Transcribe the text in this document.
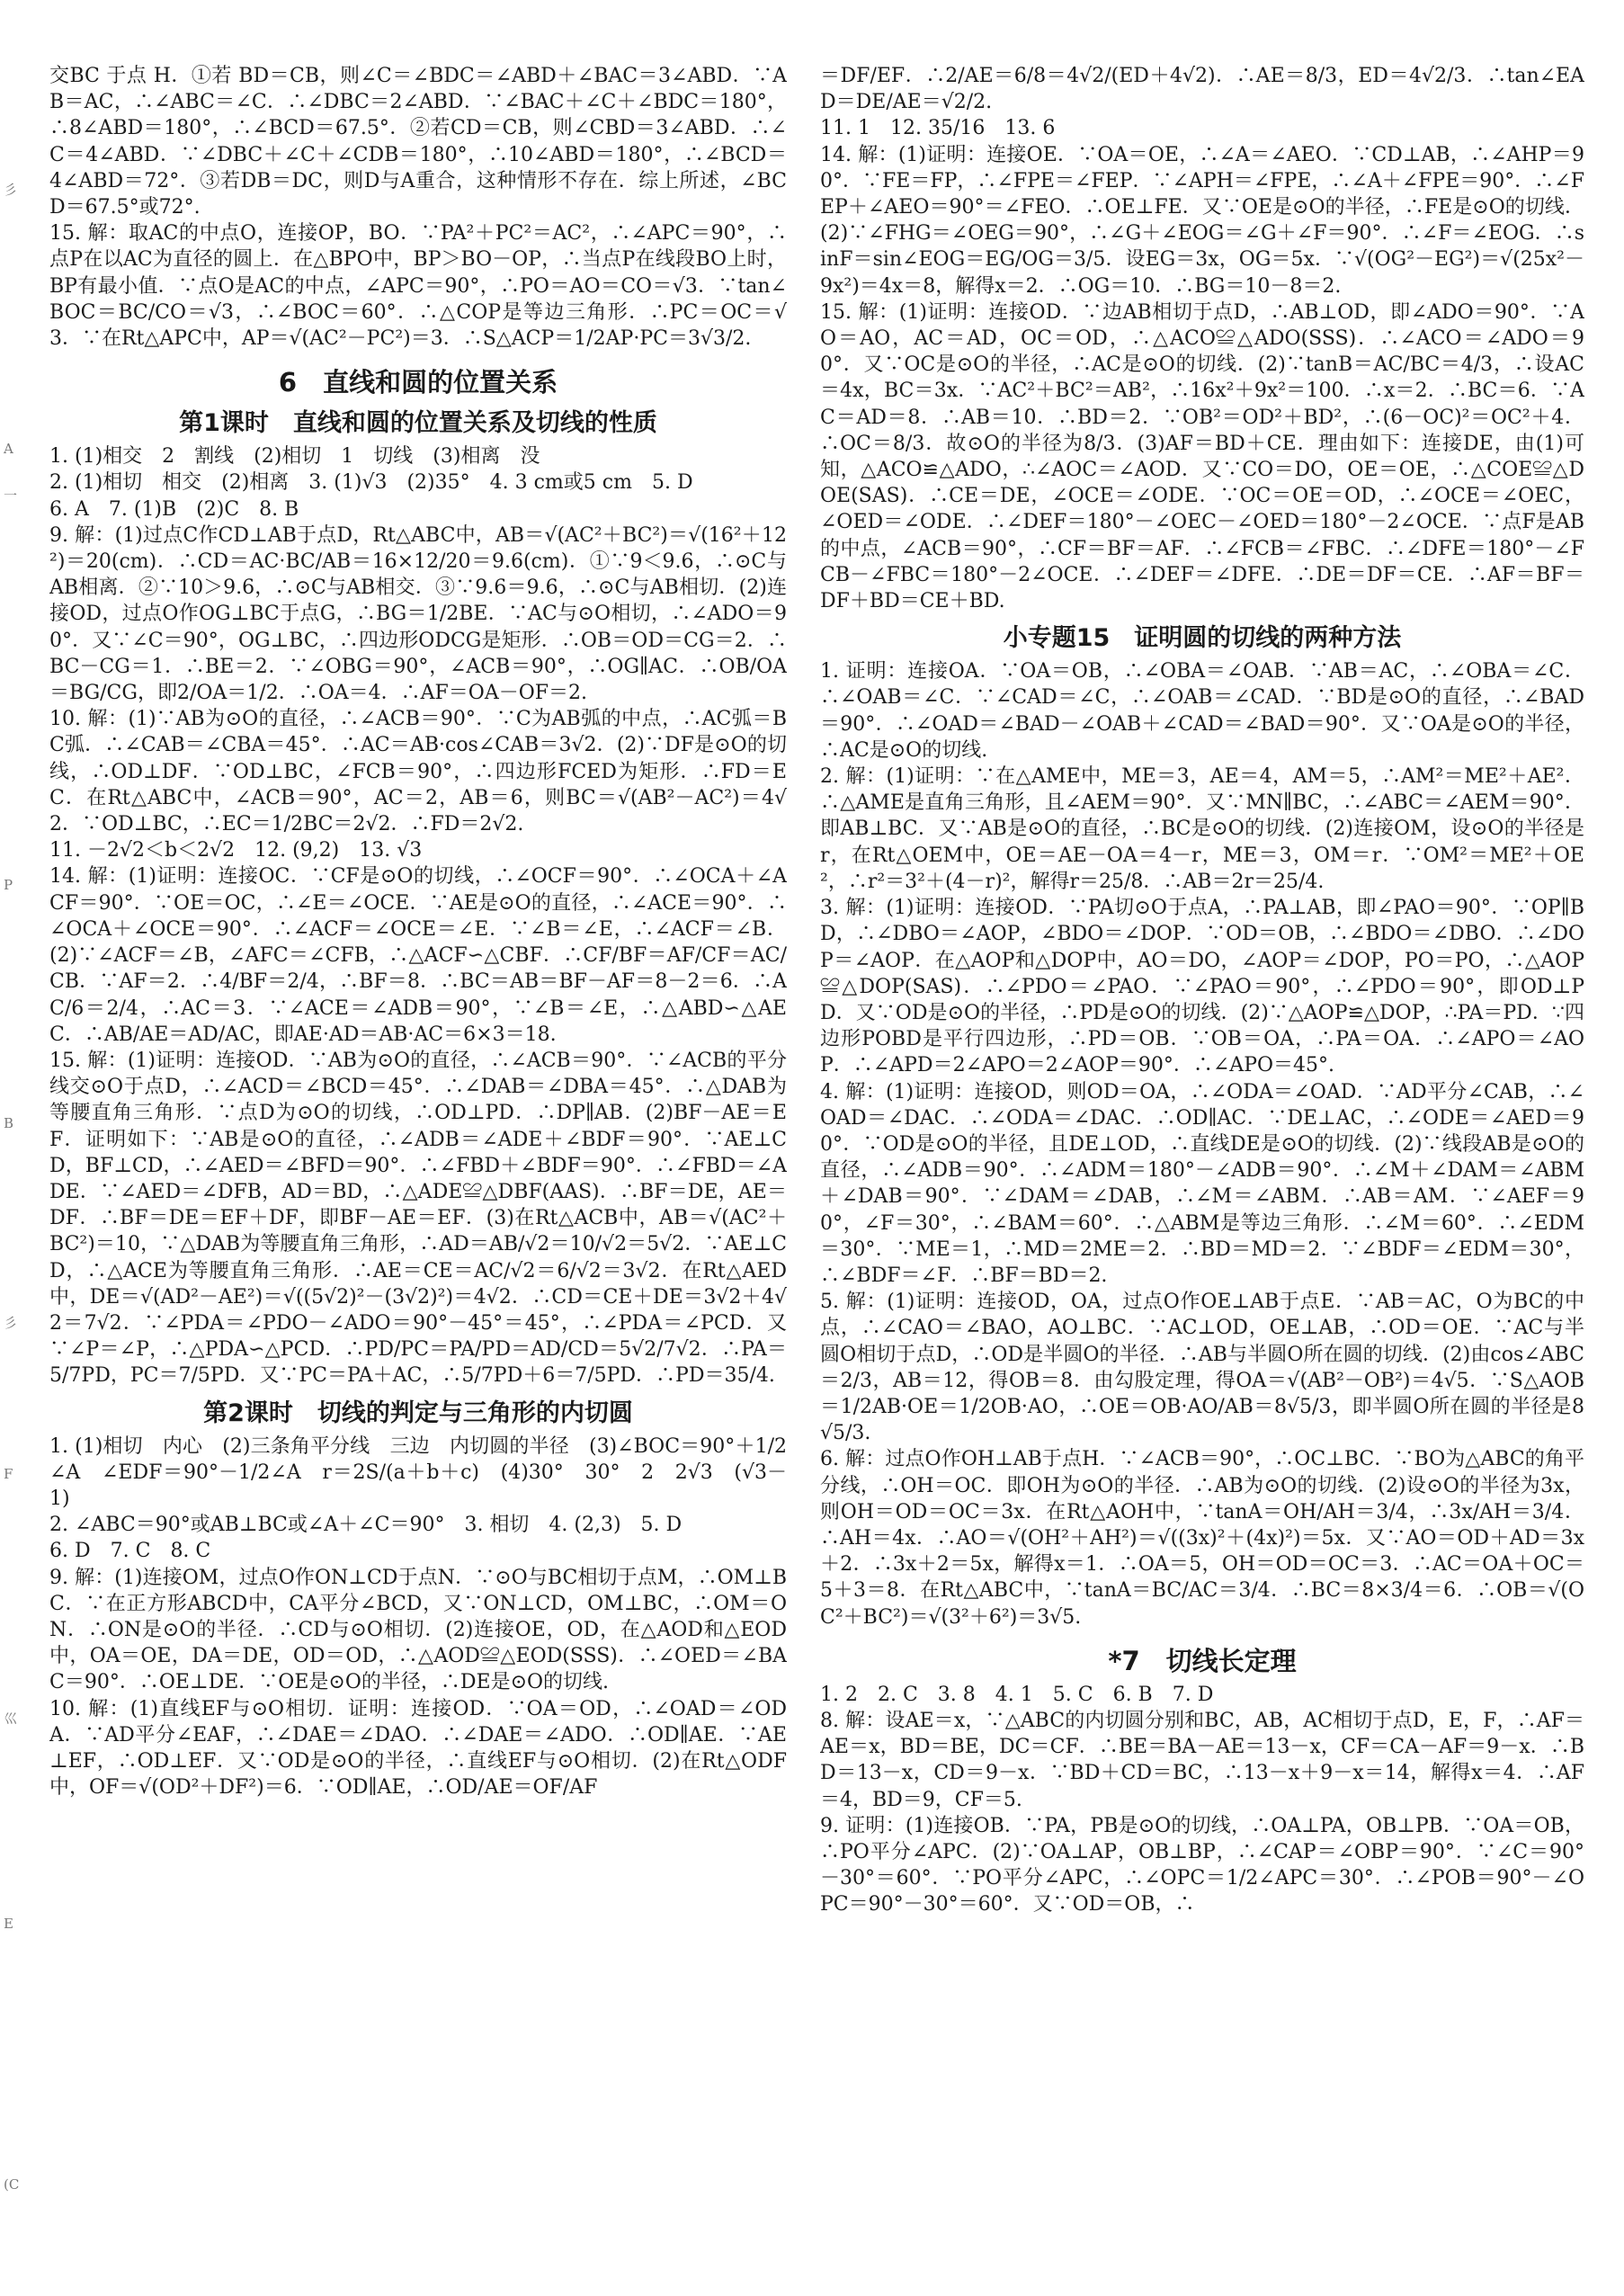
彡
P
A
一
B
彡
F
巛
E
(C

交BC 于点 H．①若 BD＝CB，则∠C＝∠BDC＝∠ABD＋∠BAC＝3∠ABD．∵AB＝AC，∴∠ABC＝∠C．∴∠DBC＝2∠ABD．∵∠BAC＋∠C＋∠BDC＝180°，∴8∠ABD＝180°，∴∠BCD＝67.5°．②若CD＝CB，则∠CBD＝3∠ABD．∴∠C＝4∠ABD．∵∠DBC＋∠C＋∠CDB＝180°，∴10∠ABD＝180°，∴∠BCD＝4∠ABD＝72°．③若DB＝DC，则D与A重合，这种情形不存在．综上所述，∠BCD＝67.5°或72°.

15. 解：取AC的中点O，连接OP，BO．∵PA²＋PC²＝AC²，∴∠APC＝90°，∴点P在以AC为直径的圆上．在△BPO中，BP＞BO－OP，∴当点P在线段BO上时，BP有最小值．∵点O是AC的中点，∠APC＝90°，∴PO＝AO＝CO＝√3．∵tan∠BOC＝BC/CO＝√3，∴∠BOC＝60°．∴△COP是等边三角形．∴PC＝OC＝√3．∵在Rt△APC中，AP＝√(AC²－PC²)＝3．∴S△ACP＝1/2AP·PC＝3√3/2.

6　直线和圆的位置关系
第1课时　直线和圆的位置关系及切线的性质

1. (1)相交　2　割线　(2)相切　1　切线　(3)相离　没

2. (1)相切　相交　(2)相离　3. (1)√3　(2)35°　4. 3 cm或5 cm　5. D

6. A　7. (1)B　(2)C　8. B

9. 解：(1)过点C作CD⊥AB于点D，Rt△ABC中，AB＝√(AC²＋BC²)＝√(16²＋12²)＝20(cm)．∴CD＝AC·BC/AB＝16×12/20＝9.6(cm)．①∵9＜9.6，∴⊙C与AB相离．②∵10＞9.6，∴⊙C与AB相交．③∵9.6＝9.6，∴⊙C与AB相切．(2)连接OD，过点O作OG⊥BC于点G，∴BG＝1/2BE．∵AC与⊙O相切，∴∠ADO＝90°．又∵∠C＝90°，OG⊥BC，∴四边形ODCG是矩形．∴OB＝OD＝CG＝2．∴BC－CG＝1．∴BE＝2．∵∠OBG＝90°，∠ACB＝90°，∴OG∥AC．∴OB/OA＝BG/CG，即2/OA＝1/2．∴OA＝4．∴AF＝OA－OF＝2.

10. 解：(1)∵AB为⊙O的直径，∴∠ACB＝90°．∵C为AB弧的中点，∴AC弧＝BC弧．∴∠CAB＝∠CBA＝45°．∴AC＝AB·cos∠CAB＝3√2．(2)∵DF是⊙O的切线，∴OD⊥DF．∵OD⊥BC，∠FCB＝90°，∴四边形FCED为矩形．∴FD＝EC．在Rt△ABC中，∠ACB＝90°，AC＝2，AB＝6，则BC＝√(AB²－AC²)＝4√2．∵OD⊥BC，∴EC＝1/2BC＝2√2．∴FD＝2√2.

11. －2√2＜b＜2√2　12. (9,2)　13. √3

14. 解：(1)证明：连接OC．∵CF是⊙O的切线，∴∠OCF＝90°．∴∠OCA＋∠ACF＝90°．∵OE＝OC，∴∠E＝∠OCE．∵AE是⊙O的直径，∴∠ACE＝90°．∴∠OCA＋∠OCE＝90°．∴∠ACF＝∠OCE＝∠E．∵∠B＝∠E，∴∠ACF＝∠B．(2)∵∠ACF＝∠B，∠AFC＝∠CFB，∴△ACF∽△CBF．∴CF/BF＝AF/CF＝AC/CB．∵AF＝2．∴4/BF＝2/4，∴BF＝8．∴BC＝AB＝BF－AF＝8－2＝6．∴AC/6＝2/4，∴AC＝3．∵∠ACE＝∠ADB＝90°，∵∠B＝∠E，∴△ABD∽△AEC．∴AB/AE＝AD/AC，即AE·AD＝AB·AC＝6×3＝18.

15. 解：(1)证明：连接OD．∵AB为⊙O的直径，∴∠ACB＝90°．∵∠ACB的平分线交⊙O于点D，∴∠ACD＝∠BCD＝45°．∴∠DAB＝∠DBA＝45°．∴△DAB为等腰直角三角形．∵点D为⊙O的切线，∴OD⊥PD．∴DP∥AB．(2)BF－AE＝EF．证明如下：∵AB是⊙O的直径，∴∠ADB＝∠ADE＋∠BDF＝90°．∵AE⊥CD，BF⊥CD，∴∠AED＝∠BFD＝90°．∴∠FBD＋∠BDF＝90°．∴∠FBD＝∠ADE．∵∠AED＝∠DFB，AD＝BD，∴△ADE≌△DBF(AAS)．∴BF＝DE，AE＝DF．∴BF＝DE＝EF＋DF，即BF－AE＝EF．(3)在Rt△ACB中，AB＝√(AC²＋BC²)＝10，∵△DAB为等腰直角三角形，∴AD＝AB/√2＝10/√2＝5√2．∵AE⊥CD，∴△ACE为等腰直角三角形．∴AE＝CE＝AC/√2＝6/√2＝3√2．在Rt△AED中，DE＝√(AD²－AE²)＝√((5√2)²－(3√2)²)＝4√2．∴CD＝CE＋DE＝3√2＋4√2＝7√2．∵∠PDA＝∠PDO－∠ADO＝90°－45°＝45°，∴∠PDA＝∠PCD．又∵∠P＝∠P，∴△PDA∽△PCD．∴PD/PC＝PA/PD＝AD/CD＝5√2/7√2．∴PA＝5/7PD，PC＝7/5PD．又∵PC＝PA＋AC，∴5/7PD＋6＝7/5PD．∴PD＝35/4.

第2课时　切线的判定与三角形的内切圆

1. (1)相切　内心　(2)三条角平分线　三边　内切圆的半径　(3)∠BOC＝90°＋1/2∠A　∠EDF＝90°－1/2∠A　r＝2S/(a＋b＋c)　(4)30°　30°　2　2√3　(√3－1)

2. ∠ABC＝90°或AB⊥BC或∠A＋∠C＝90°　3. 相切　4. (2,3)　5. D

6. D　7. C　8. C

9. 解：(1)连接OM，过点O作ON⊥CD于点N．∵⊙O与BC相切于点M，∴OM⊥BC．∵在正方形ABCD中，CA平分∠BCD，又∵ON⊥CD，OM⊥BC，∴OM＝ON．∴ON是⊙O的半径．∴CD与⊙O相切．(2)连接OE，OD，在△AOD和△EOD中，OA＝OE，DA＝DE，OD＝OD，∴△AOD≌△EOD(SSS)．∴∠OED＝∠BAC＝90°．∴OE⊥DE．∵OE是⊙O的半径，∴DE是⊙O的切线.

10. 解：(1)直线EF与⊙O相切．证明：连接OD．∵OA＝OD，∴∠OAD＝∠ODA．∵AD平分∠EAF，∴∠DAE＝∠DAO．∴∠DAE＝∠ADO．∴OD∥AE．∵AE⊥EF，∴OD⊥EF．又∵OD是⊙O的半径，∴直线EF与⊙O相切．(2)在Rt△ODF中，OF＝√(OD²＋DF²)＝6．∵OD∥AE，∴OD/AE＝OF/AF

＝DF/EF．∴2/AE＝6/8＝4√2/(ED＋4√2)．∴AE＝8/3，ED＝4√2/3．∴tan∠EAD＝DE/AE＝√2/2.

11. 1　12. 35/16　13. 6

14. 解：(1)证明：连接OE．∵OA＝OE，∴∠A＝∠AEO．∵CD⊥AB，∴∠AHP＝90°．∵FE＝FP，∴∠FPE＝∠FEP．∵∠APH＝∠FPE，∴∠A＋∠FPE＝90°．∴∠FEP＋∠AEO＝90°＝∠FEO．∴OE⊥FE．又∵OE是⊙O的半径，∴FE是⊙O的切线．(2)∵∠FHG＝∠OEG＝90°，∴∠G＋∠EOG＝∠G＋∠F＝90°．∴∠F＝∠EOG．∴sinF＝sin∠EOG＝EG/OG＝3/5．设EG＝3x，OG＝5x．∵√(OG²－EG²)＝√(25x²－9x²)＝4x＝8，解得x＝2．∴OG＝10．∴BG＝10－8＝2.

15. 解：(1)证明：连接OD．∵边AB相切于点D，∴AB⊥OD，即∠ADO＝90°．∵AO＝AO，AC＝AD，OC＝OD，∴△ACO≌△ADO(SSS)．∴∠ACO＝∠ADO＝90°．又∵OC是⊙O的半径，∴AC是⊙O的切线．(2)∵tanB＝AC/BC＝4/3，∴设AC＝4x，BC＝3x．∵AC²＋BC²＝AB²，∴16x²＋9x²＝100．∴x＝2．∴BC＝6．∵AC＝AD＝8．∴AB＝10．∴BD＝2．∵OB²＝OD²＋BD²，∴(6－OC)²＝OC²＋4．∴OC＝8/3．故⊙O的半径为8/3．(3)AF＝BD＋CE．理由如下：连接DE，由(1)可知，△ACO≌△ADO，∴∠AOC＝∠AOD．又∵CO＝DO，OE＝OE，∴△COE≌△DOE(SAS)．∴CE＝DE，∠OCE＝∠ODE．∵OC＝OE＝OD，∴∠OCE＝∠OEC，∠OED＝∠ODE．∴∠DEF＝180°－∠OEC－∠OED＝180°－2∠OCE．∵点F是AB的中点，∠ACB＝90°，∴CF＝BF＝AF．∴∠FCB＝∠FBC．∴∠DFE＝180°－∠FCB－∠FBC＝180°－2∠OCE．∴∠DEF＝∠DFE．∴DE＝DF＝CE．∴AF＝BF＝DF＋BD＝CE＋BD.

小专题15　证明圆的切线的两种方法

1. 证明：连接OA．∵OA＝OB，∴∠OBA＝∠OAB．∵AB＝AC，∴∠OBA＝∠C．∴∠OAB＝∠C．∵∠CAD＝∠C，∴∠OAB＝∠CAD．∵BD是⊙O的直径，∴∠BAD＝90°．∴∠OAD＝∠BAD－∠OAB＋∠CAD＝∠BAD＝90°．又∵OA是⊙O的半径，∴AC是⊙O的切线.

2. 解：(1)证明：∵在△AME中，ME＝3，AE＝4，AM＝5，∴AM²＝ME²＋AE²．∴△AME是直角三角形，且∠AEM＝90°．又∵MN∥BC，∴∠ABC＝∠AEM＝90°．即AB⊥BC．又∵AB是⊙O的直径，∴BC是⊙O的切线．(2)连接OM，设⊙O的半径是r，在Rt△OEM中，OE＝AE－OA＝4－r，ME＝3，OM＝r．∵OM²＝ME²＋OE²，∴r²＝3²＋(4－r)²，解得r＝25/8．∴AB＝2r＝25/4.

3. 解：(1)证明：连接OD．∵PA切⊙O于点A，∴PA⊥AB，即∠PAO＝90°．∵OP∥BD，∴∠DBO＝∠AOP，∠BDO＝∠DOP．∵OD＝OB，∴∠BDO＝∠DBO．∴∠DOP＝∠AOP．在△AOP和△DOP中，AO＝DO，∠AOP＝∠DOP，PO＝PO，∴△AOP≌△DOP(SAS)．∴∠PDO＝∠PAO．∵∠PAO＝90°，∴∠PDO＝90°，即OD⊥PD．又∵OD是⊙O的半径，∴PD是⊙O的切线．(2)∵△AOP≌△DOP，∴PA＝PD．∵四边形POBD是平行四边形，∴PD＝OB．∵OB＝OA，∴PA＝OA．∴∠APO＝∠AOP．∴∠APD＝2∠APO＝2∠AOP＝90°．∴∠APO＝45°.

4. 解：(1)证明：连接OD，则OD＝OA，∴∠ODA＝∠OAD．∵AD平分∠CAB，∴∠OAD＝∠DAC．∴∠ODA＝∠DAC．∴OD∥AC．∵DE⊥AC，∴∠ODE＝∠AED＝90°．∵OD是⊙O的半径，且DE⊥OD，∴直线DE是⊙O的切线．(2)∵线段AB是⊙O的直径，∴∠ADB＝90°．∴∠ADM＝180°－∠ADB＝90°．∴∠M＋∠DAM＝∠ABM＋∠DAB＝90°．∵∠DAM＝∠DAB，∴∠M＝∠ABM．∴AB＝AM．∵∠AEF＝90°，∠F＝30°，∴∠BAM＝60°．∴△ABM是等边三角形．∴∠M＝60°．∴∠EDM＝30°．∵ME＝1，∴MD＝2ME＝2．∴BD＝MD＝2．∵∠BDF＝∠EDM＝30°，∴∠BDF＝∠F．∴BF＝BD＝2.

5. 解：(1)证明：连接OD，OA，过点O作OE⊥AB于点E．∵AB＝AC，O为BC的中点，∴∠CAO＝∠BAO，AO⊥BC．∵AC⊥OD，OE⊥AB，∴OD＝OE．∵AC与半圆O相切于点D，∴OD是半圆O的半径．∴AB与半圆O所在圆的切线．(2)由cos∠ABC＝2/3，AB＝12，得OB＝8．由勾股定理，得OA＝√(AB²－OB²)＝4√5．∵S△AOB＝1/2AB·OE＝1/2OB·AO，∴OE＝OB·AO/AB＝8√5/3，即半圆O所在圆的半径是8√5/3.

6. 解：过点O作OH⊥AB于点H．∵∠ACB＝90°，∴OC⊥BC．∵BO为△ABC的角平分线，∴OH＝OC．即OH为⊙O的半径．∴AB为⊙O的切线．(2)设⊙O的半径为3x，则OH＝OD＝OC＝3x．在Rt△AOH中，∵tanA＝OH/AH＝3/4，∴3x/AH＝3/4．∴AH＝4x．∴AO＝√(OH²＋AH²)＝√((3x)²＋(4x)²)＝5x．又∵AO＝OD＋AD＝3x＋2．∴3x＋2＝5x，解得x＝1．∴OA＝5，OH＝OD＝OC＝3．∴AC＝OA＋OC＝5＋3＝8．在Rt△ABC中，∵tanA＝BC/AC＝3/4．∴BC＝8×3/4＝6．∴OB＝√(OC²＋BC²)＝√(3²＋6²)＝3√5.

*7　切线长定理

1. 2　2. C　3. 8　4. 1　5. C　6. B　7. D

8. 解：设AE＝x，∵△ABC的内切圆分别和BC，AB，AC相切于点D，E，F，∴AF＝AE＝x，BD＝BE，DC＝CF．∴BE＝BA－AE＝13－x，CF＝CA－AF＝9－x．∴BD＝13－x，CD＝9－x．∵BD＋CD＝BC，∴13－x＋9－x＝14，解得x＝4．∴AF＝4，BD＝9，CF＝5.

9. 证明：(1)连接OB．∵PA，PB是⊙O的切线，∴OA⊥PA，OB⊥PB．∵OA＝OB，∴PO平分∠APC．(2)∵OA⊥AP，OB⊥BP，∴∠CAP＝∠OBP＝90°．∵∠C＝90°－30°＝60°．∵PO平分∠APC，∴∠OPC＝1/2∠APC＝30°．∴∠POB＝90°－∠OPC＝90°－30°＝60°．又∵OD＝OB，∴
